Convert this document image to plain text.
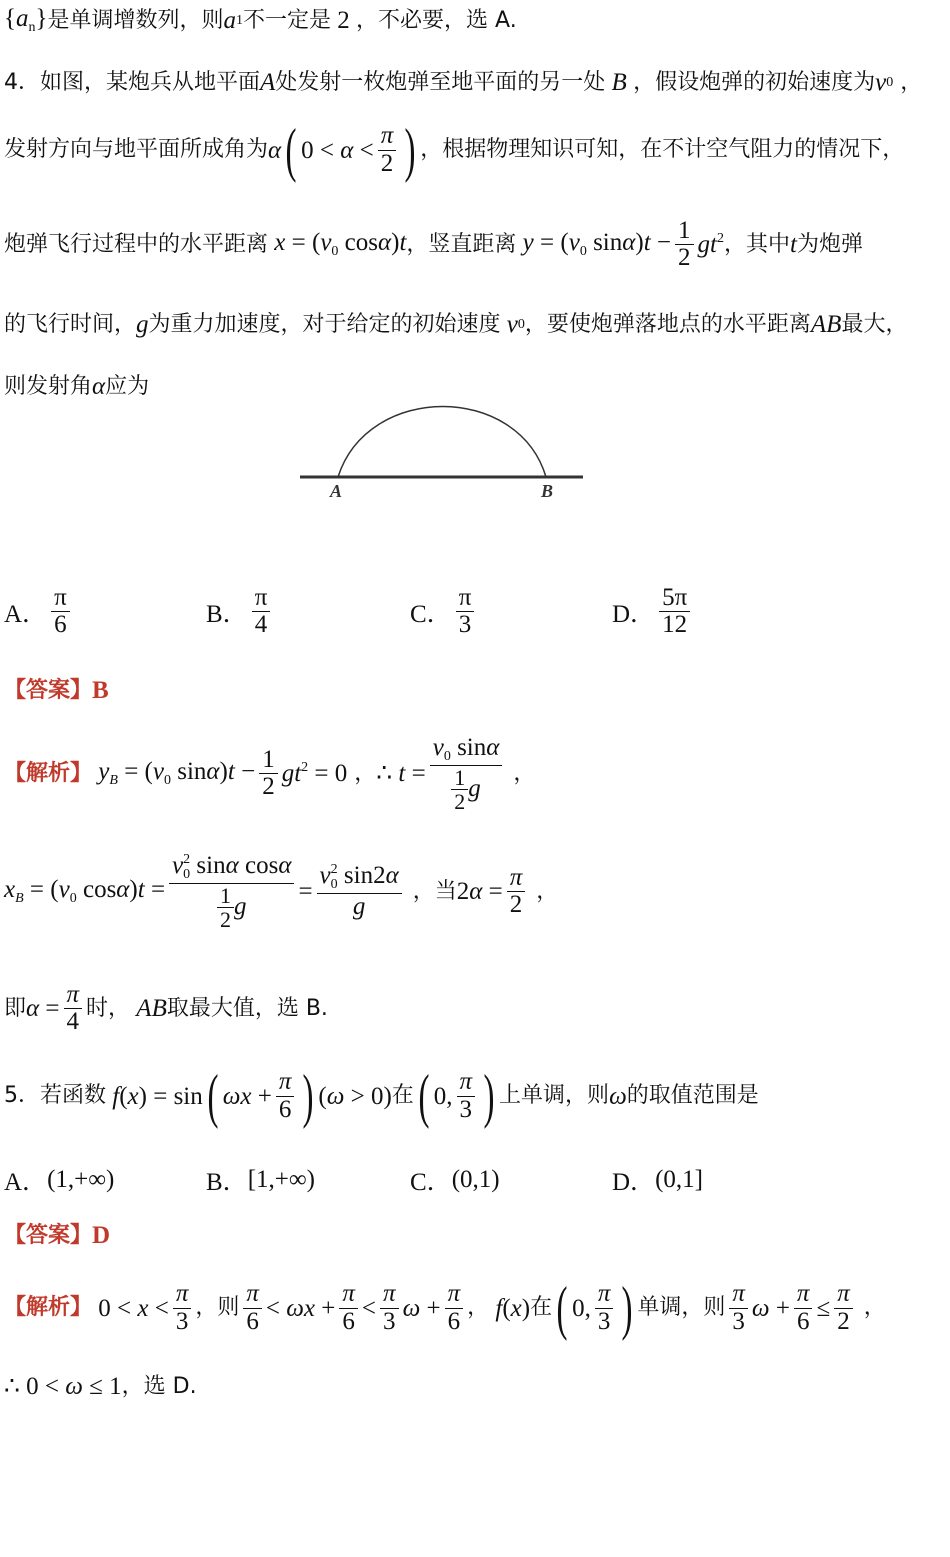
$\{a_n\}$ 是单调增数列，则 a 1 不一定是 2 ，不必要，选 A.
4．如图，某炮兵从地平面 A 处发射一枚炮弹至地平面的另一处 B ，假设炮弹的初始速度为 v 0 ，
发射方向与地平面所成角为 α ( $0 < \alpha < \frac{\pi}{2}$ ) ，根据物理知识可知，在不计空气阻力的情况下，
炮弹飞行过程中的水平距离 $x = (v_0$ cosα)t ，竖直距离 $y = (v_0$ $\sin\alpha)t - \frac{1}{2} gt^2$ ，其中 t 为炮弹
的飞行时间， g 为重力加速度，对于给定的初始速度 v 0 ，要使炮弹落地点的水平距离 AB 最大，
则发射角 α 应为
A	B
A． $\frac{\pi}{6}$	B． $\frac{\pi}{4}$	C． $\frac{\pi}{3}$	D． $\frac{5\pi}{12}$
【答案】 B
【解析】 $y_B = (v_0$ $\sin\alpha)t - \frac{1}{2} gt^2 = 0$ ， ∴ $t = \frac{v_0 \sin\alpha}{\frac{1}{2} g}$ ，
$x_B = (v_0$ $\cos\alpha)t = \frac{v_0^2 \sin\alpha \cos\alpha}{\frac{1}{2} g} = \frac{v_0^2 \sin 2\alpha}{g}$ ，当 $2\alpha = \frac{\pi}{2}$ ，
即 $\alpha = \frac{\pi}{4}$ 时， AB 取最大值，选 B.
5．若函数 f(x) = sin ( $\omega x + \frac{\pi}{6}$ ) (ω > 0) 在 ( 0, $\frac{\pi}{3}$ ) 上单调，则 ω 的取值范围是
A． (1,+∞)	B． [1,+∞)	C． (0,1)	D． (0,1]
【答案】 D
【解析】 $0 < x < \frac{\pi}{3}$ ，则 $\frac{\pi}{6} < \omega x + \frac{\pi}{6} < \frac{\pi}{3}$ $\omega + \frac{\pi}{6}$ ， f(x) 在 ( 0, $\frac{\pi}{3}$ ) 单调，则 $\frac{\pi}{3}$ $\omega + \frac{\pi}{6} \le \frac{\pi}{2}$ ，
∴ 0 < ω ≤ 1 ，选 D.
